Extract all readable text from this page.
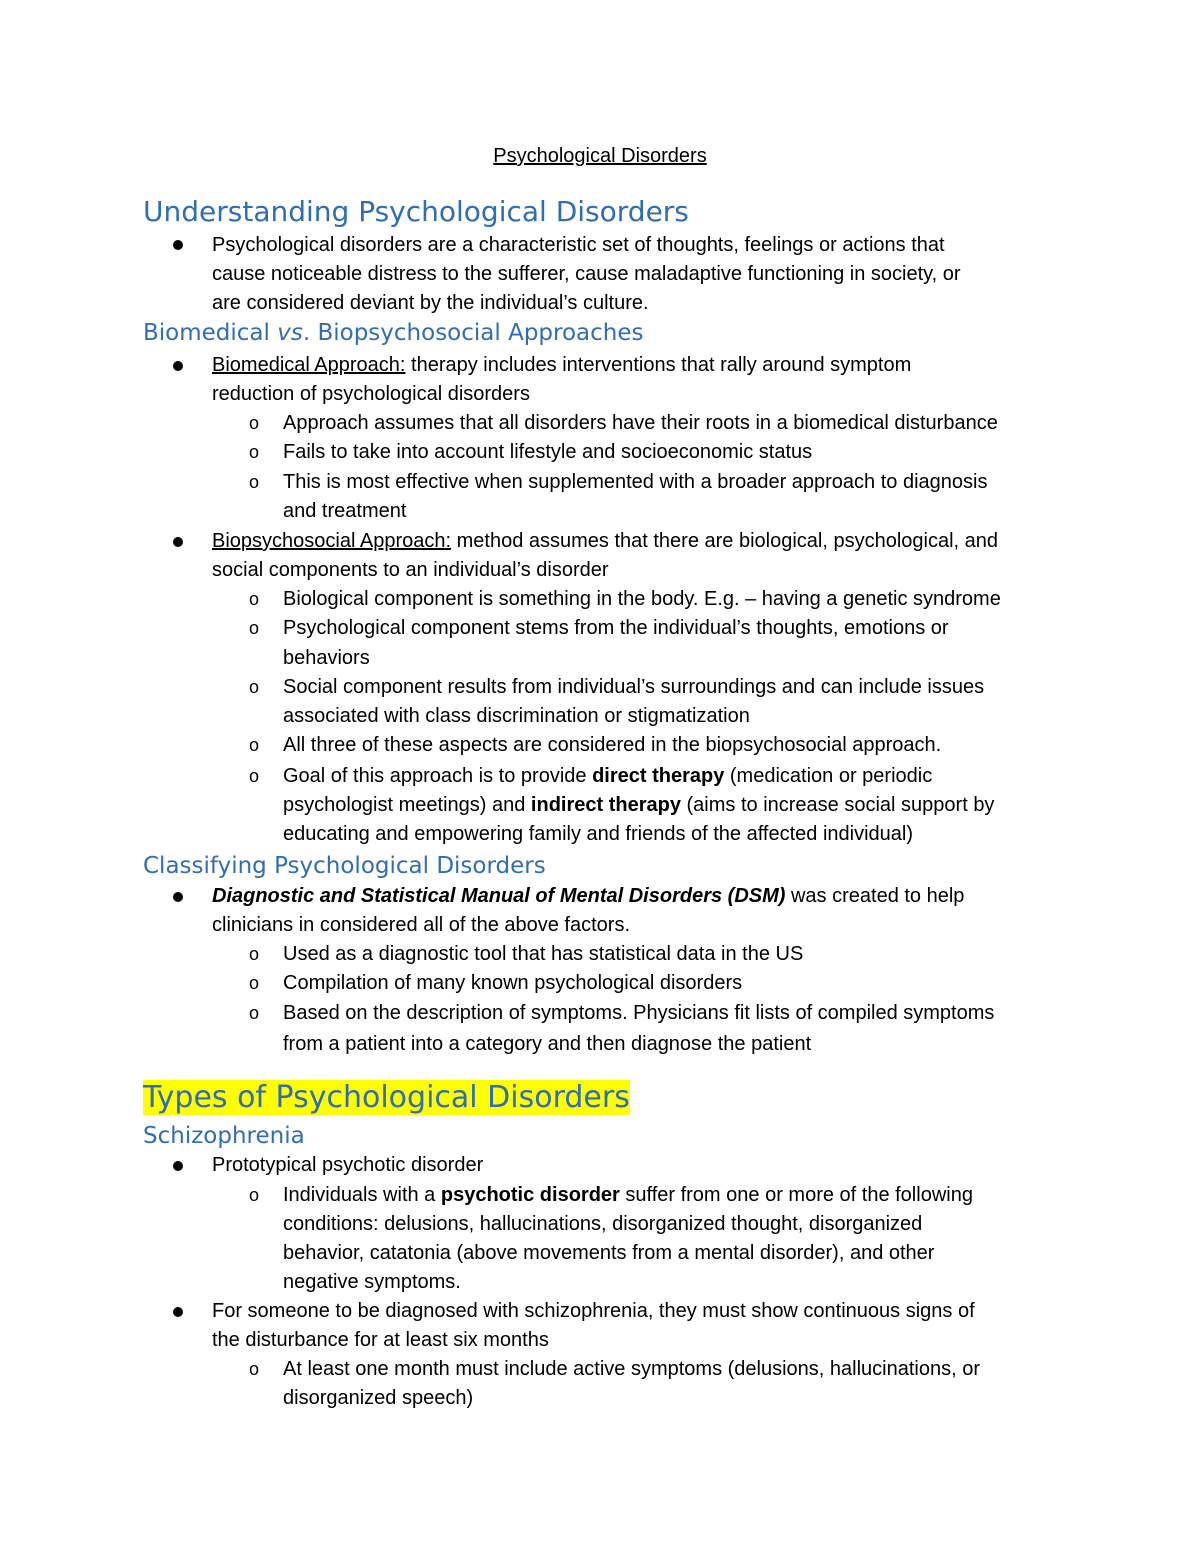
Psychological Disorders
Understanding Psychological Disorders
Psychological disorders are a characteristic set of thoughts, feelings or actions that
cause noticeable distress to the sufferer, cause maladaptive functioning in society, or
are considered deviant by the individual’s culture.
Biomedical vs. Biopsychosocial Approaches
Biomedical Approach: therapy includes interventions that rally around symptom
reduction of psychological disorders
o Approach assumes that all disorders have their roots in a biomedical disturbance
o Fails to take into account lifestyle and socioeconomic status
o This is most effective when supplemented with a broader approach to diagnosis
and treatment
Biopsychosocial Approach: method assumes that there are biological, psychological, and
social components to an individual’s disorder
o Biological component is something in the body. E.g. – having a genetic syndrome
o Psychological component stems from the individual’s thoughts, emotions or
behaviors
o Social component results from individual’s surroundings and can include issues
associated with class discrimination or stigmatization
o All three of these aspects are considered in the biopsychosocial approach.
o Goal of this approach is to provide direct therapy (medication or periodic
psychologist meetings) and indirect therapy (aims to increase social support by
educating and empowering family and friends of the affected individual)
Classifying Psychological Disorders
Diagnostic and Statistical Manual of Mental Disorders (DSM) was created to help
clinicians in considered all of the above factors.
o Used as a diagnostic tool that has statistical data in the US
o Compilation of many known psychological disorders
o Based on the description of symptoms. Physicians fit lists of compiled symptoms
from a patient into a category and then diagnose the patient
Types of Psychological Disorders
Schizophrenia
Prototypical psychotic disorder
o Individuals with a psychotic disorder suffer from one or more of the following
conditions: delusions, hallucinations, disorganized thought, disorganized
behavior, catatonia (above movements from a mental disorder), and other
negative symptoms.
For someone to be diagnosed with schizophrenia, they must show continuous signs of
the disturbance for at least six months
o At least one month must include active symptoms (delusions, hallucinations, or
disorganized speech)
